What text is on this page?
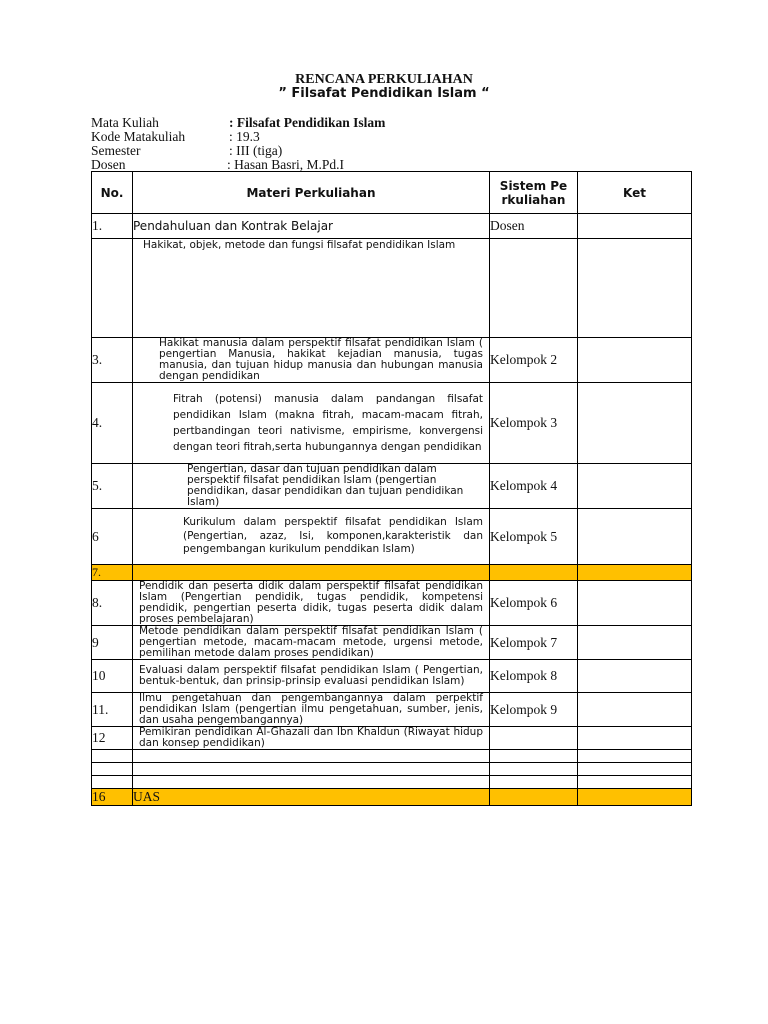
RENCANA PERKULIAHAN
” Filsafat Pendidikan Islam “
Mata Kuliah	: Filsafat Pendidikan Islam
Kode Matakuliah	: 19.3
Semester	: III (tiga)
Dosen	: Hasan Basri, M.Pd.I
No.	Materi Perkuliahan	Sistem Perkuliahan	Ket
1.	Pendahuluan dan Kontrak Belajar	Dosen	

	Hakikat, objek, metode dan fungsi filsafat pendidikan Islam		

3.	Hakikat manusia dalam perspektif filsafat pendidikan Islam ( pengertian Manusia, hakikat kejadian manusia, tugas manusia, dan tujuan hidup manusia dan hubungan manusia dengan pendidikan	Kelompok 2	
4.	Fitrah (potensi) manusia dalam pandangan filsafat pendidikan Islam (makna fitrah, macam-macam fitrah, pertbandingan teori nativisme, empirisme, konvergensi dengan teori fitrah,serta hubungannya dengan pendidikan	Kelompok 3	
5.	Pengertian, dasar dan tujuan pendidikan dalam perspektif filsafat pendidikan Islam (pengertian pendidikan, dasar pendidikan dan tujuan pendidikan Islam)	Kelompok 4	
6	Kurikulum dalam perspektif filsafat pendidikan Islam (Pengertian, azaz, Isi, komponen,karakteristik dan pengembangan kurikulum penddikan Islam)	Kelompok 5	
7.			
8.	Pendidik dan peserta didik dalam perspektif filsafat pendidikan Islam (Pengertian pendidik, tugas pendidik, kompetensi pendidik, pengertian peserta didik, tugas peserta didik dalam proses pembelajaran)	Kelompok 6	
9	Metode pendidikan dalam perspektif filsafat pendidikan Islam ( pengertian metode, macam-macam metode, urgensi metode, pemilihan metode dalam proses pendidikan)	Kelompok 7	
10	Evaluasi dalam perspektif filsafat pendidikan Islam ( Pengertian, bentuk-bentuk, dan prinsip-prinsip evaluasi pendidikan Islam)	Kelompok 8	
11.	Ilmu pengetahuan dan pengembangannya dalam perpektif pendidikan Islam (pengertian ilmu pengetahuan, sumber, jenis, dan usaha pengembangannya)	Kelompok 9	
12	Pemikiran pendidikan Al-Ghazali dan Ibn Khaldun (Riwayat hidup dan konsep pendidikan)		

16	UAS		
